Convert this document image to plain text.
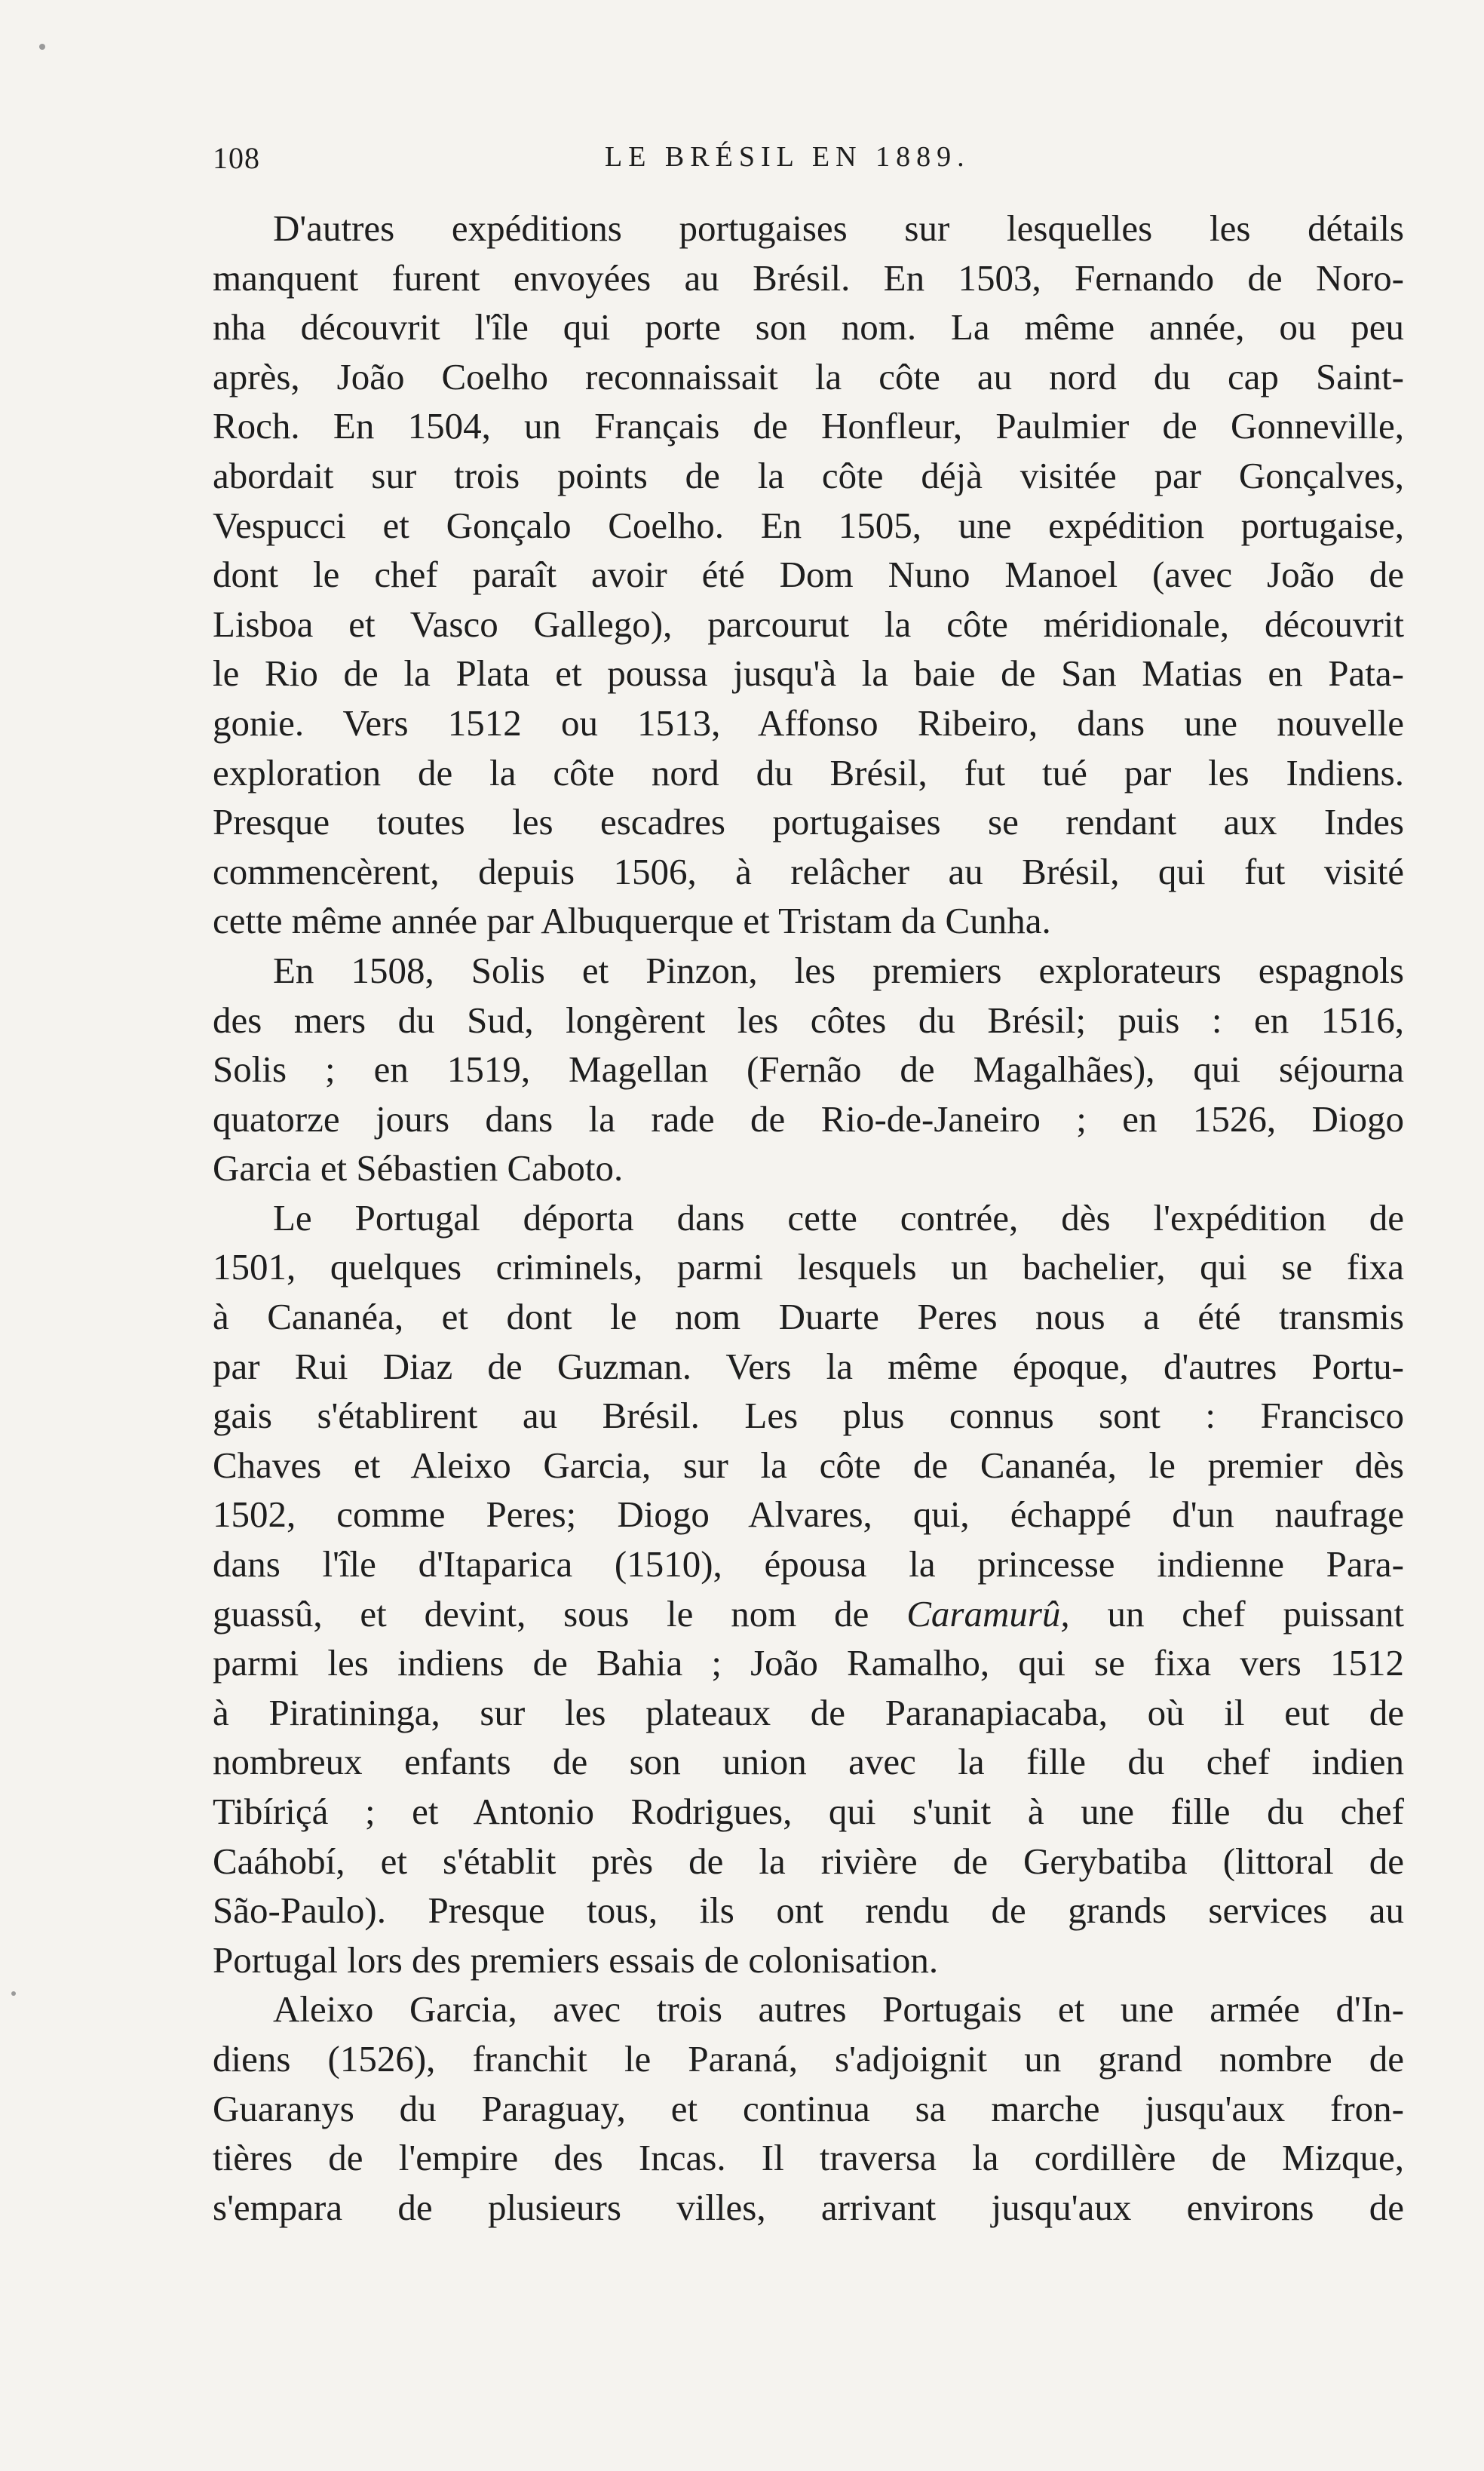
108	LE BRÉSIL EN 1889.
D'autres expéditions portugaises sur lesquelles les détails
manquent furent envoyées au Brésil. En 1503, Fernando de Noro-
nha découvrit l'île qui porte son nom. La même année, ou peu
après, João Coelho reconnaissait la côte au nord du cap Saint-
Roch. En 1504, un Français de Honfleur, Paulmier de Gonneville,
abordait sur trois points de la côte déjà visitée par Gonçalves,
Vespucci et Gonçalo Coelho. En 1505, une expédition portugaise,
dont le chef paraît avoir été Dom Nuno Manoel (avec João de
Lisboa et Vasco Gallego), parcourut la côte méridionale, découvrit
le Rio de la Plata et poussa jusqu'à la baie de San Matias en Pata-
gonie. Vers 1512 ou 1513, Affonso Ribeiro, dans une nouvelle
exploration de la côte nord du Brésil, fut tué par les Indiens.
Presque toutes les escadres portugaises se rendant aux Indes
commencèrent, depuis 1506, à relâcher au Brésil, qui fut visité
cette même année par Albuquerque et Tristam da Cunha.
En 1508, Solis et Pinzon, les premiers explorateurs espagnols
des mers du Sud, longèrent les côtes du Brésil; puis : en 1516,
Solis ; en 1519, Magellan (Fernão de Magalhães), qui séjourna
quatorze jours dans la rade de Rio-de-Janeiro ; en 1526, Diogo
Garcia et Sébastien Caboto.
Le Portugal déporta dans cette contrée, dès l'expédition de
1501, quelques criminels, parmi lesquels un bachelier, qui se fixa
à Cananéa, et dont le nom Duarte Peres nous a été transmis
par Rui Diaz de Guzman. Vers la même époque, d'autres Portu-
gais s'établirent au Brésil. Les plus connus sont : Francisco
Chaves et Aleixo Garcia, sur la côte de Cananéa, le premier dès
1502, comme Peres; Diogo Alvares, qui, échappé d'un naufrage
dans l'île d'Itaparica (1510), épousa la princesse indienne Para-
guassû, et devint, sous le nom de Caramurû, un chef puissant
parmi les indiens de Bahia ; João Ramalho, qui se fixa vers 1512
à Piratininga, sur les plateaux de Paranapiacaba, où il eut de
nombreux enfants de son union avec la fille du chef indien
Tibíriçá ; et Antonio Rodrigues, qui s'unit à une fille du chef
Caáhobí, et s'établit près de la rivière de Gerybatiba (littoral de
São-Paulo). Presque tous, ils ont rendu de grands services au
Portugal lors des premiers essais de colonisation.
Aleixo Garcia, avec trois autres Portugais et une armée d'In-
diens (1526), franchit le Paraná, s'adjoignit un grand nombre de
Guaranys du Paraguay, et continua sa marche jusqu'aux fron-
tières de l'empire des Incas. Il traversa la cordillère de Mizque,
s'empara de plusieurs villes, arrivant jusqu'aux environs de
